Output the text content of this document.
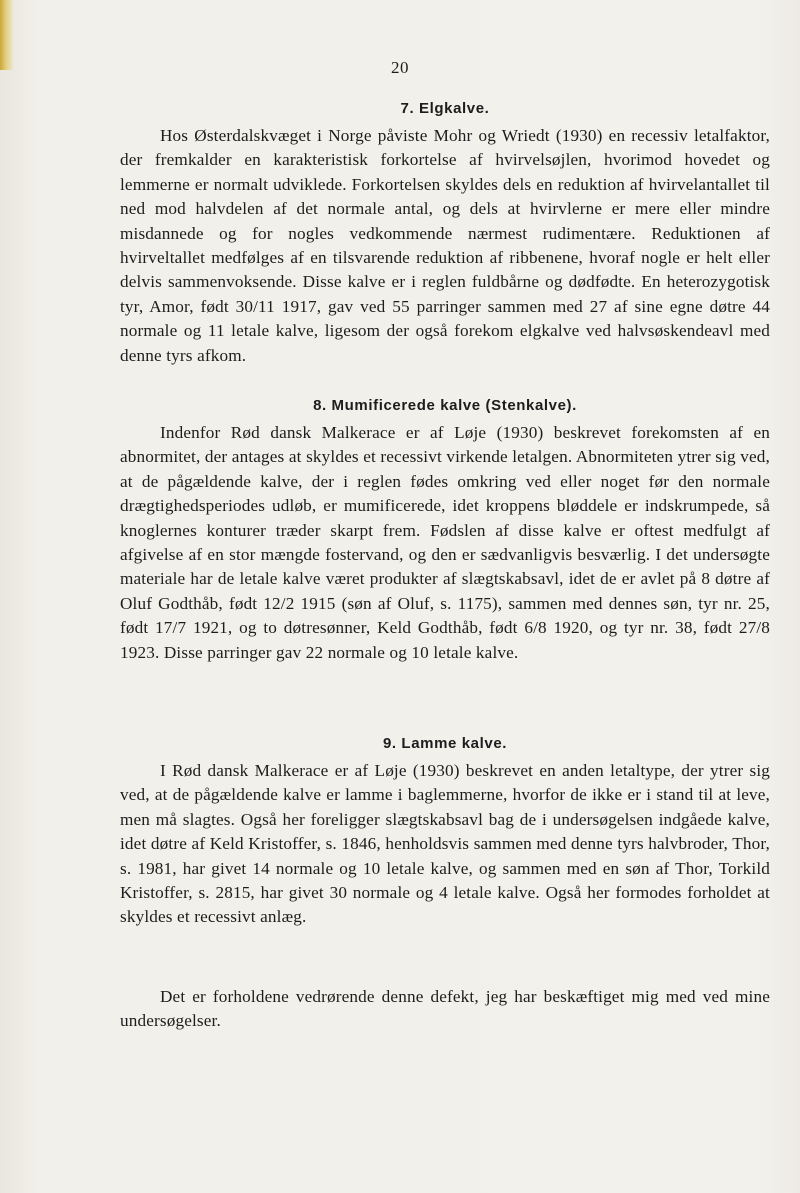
20
7. Elgkalve.
Hos Østerdalskvæget i Norge påviste Mohr og Wriedt (1930) en recessiv letalfaktor, der fremkalder en karakteristisk forkortelse af hvirvelsøjlen, hvorimod hovedet og lemmerne er normalt udviklede. Forkortelsen skyldes dels en reduktion af hvirvelantallet til ned mod halvdelen af det normale antal, og dels at hvirvlerne er mere eller mindre misdannede og for nogles vedkommende nærmest rudimentære. Reduktionen af hvirveltallet medfølges af en tilsvarende reduktion af ribbenene, hvoraf nogle er helt eller delvis sammenvoksende. Disse kalve er i reglen fuldbårne og dødfødte. En heterozygotisk tyr, Amor, født 30/11 1917, gav ved 55 parringer sammen med 27 af sine egne døtre 44 normale og 11 letale kalve, ligesom der også forekom elgkalve ved halvsøskendeavl med denne tyrs afkom.
8. Mumificerede kalve (Stenkalve).
Indenfor Rød dansk Malkerace er af Løje (1930) beskrevet forekomsten af en abnormitet, der antages at skyldes et recessivt virkende letalgen. Abnormiteten ytrer sig ved, at de pågældende kalve, der i reglen fødes omkring ved eller noget før den normale drægtighedsperiodes udløb, er mumificerede, idet kroppens bløddele er indskrumpede, så knoglernes konturer træder skarpt frem. Fødslen af disse kalve er oftest medfulgt af afgivelse af en stor mængde fostervand, og den er sædvanligvis besværlig. I det undersøgte materiale har de letale kalve været produkter af slægtskabsavl, idet de er avlet på 8 døtre af Oluf Godthåb, født 12/2 1915 (søn af Oluf, s. 1175), sammen med dennes søn, tyr nr. 25, født 17/7 1921, og to døtresønner, Keld Godthåb, født 6/8 1920, og tyr nr. 38, født 27/8 1923. Disse parringer gav 22 normale og 10 letale kalve.
9. Lamme kalve.
I Rød dansk Malkerace er af Løje (1930) beskrevet en anden letaltype, der ytrer sig ved, at de pågældende kalve er lamme i baglemmerne, hvorfor de ikke er i stand til at leve, men må slagtes. Også her foreligger slægtskabsavl bag de i undersøgelsen indgåede kalve, idet døtre af Keld Kristoffer, s. 1846, henholdsvis sammen med denne tyrs halvbroder, Thor, s. 1981, har givet 14 normale og 10 letale kalve, og sammen med en søn af Thor, Torkild Kristoffer, s. 2815, har givet 30 normale og 4 letale kalve. Også her formodes forholdet at skyldes et recessivt anlæg.
Det er forholdene vedrørende denne defekt, jeg har beskæftiget mig med ved mine undersøgelser.
